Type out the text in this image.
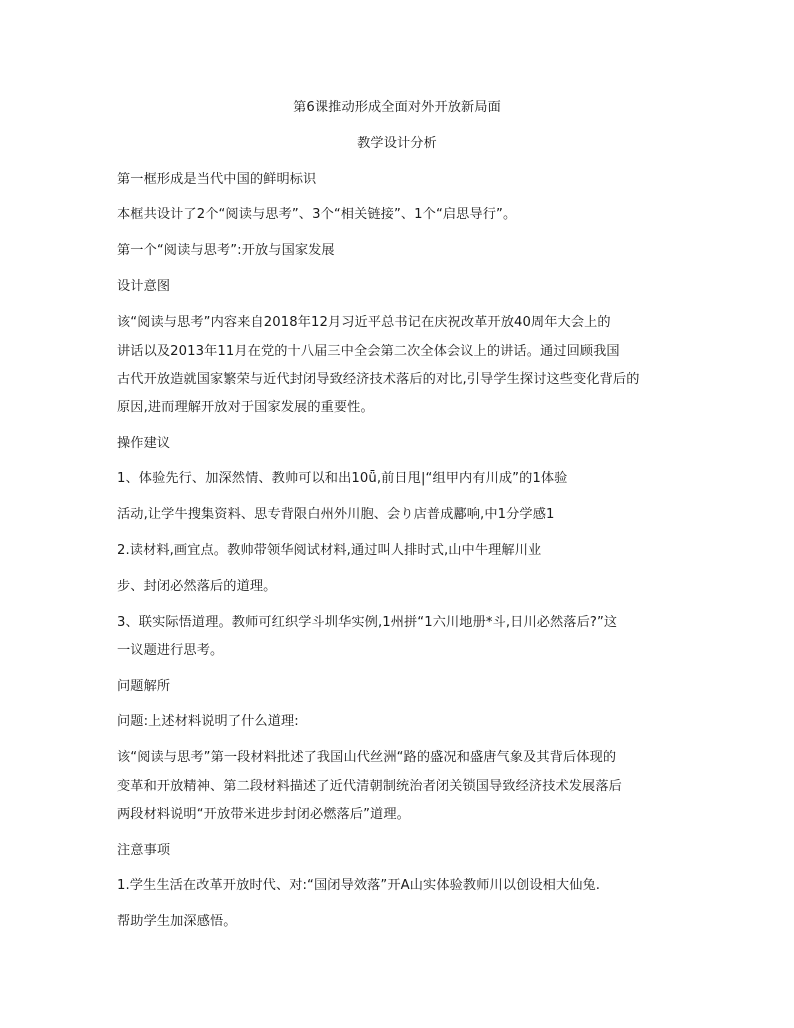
第6课推动形成全面对外开放新局面
教学设计分析
第一框形成是当代中国的鲜明标识
本框共设计了2个“阅读与思考”、3个“相关链接”、1个“启思导行”。
第一个“阅读与思考”:开放与国家发展
设计意图
该“阅读与思考”内容来自2018年12月习近平总书记在庆祝改革开放40周年大会上的
讲话以及2013年11月在党的十八届三中全会第二次全体会议上的讲话。通过回顾我国
古代开放造就国家繁荣与近代封闭导致经济技术落后的对比,引导学生探讨这些变化背后的
原因,进而理解开放对于国家发展的重要性。
操作建议
1、体验先行、加深然情、教帅可以和出10ǖ,前日甩|“组甲内有川成”的1体验
活动,让学牛搜集资料、思专背限白州外川胞、会り店普成酈响,中1分学感1
2.读材料,画宜点。教帅带领华阅试材料,通过叫人排时式,山中牛理解川业
步、封闭必然落后的道理。
3、联实际悟道理。教师可红织学斗圳华实例,1州拼“1六川地册*斗,日川必然落后?”这
一议题进行思考。
问题解所
问题:上述材料说明了什么道理:
该“阅读与思考”第一段材料批述了我国山代丝洲“路的盛况和盛唐气象及其背后体现的
变革和开放精神、第二段材料描述了近代清朝制统治者闭关锁国导致经济技术发展落后
两段材料说明“开放带米进步封闭必燃落后”道理。
注意事项
1.学生生活在改革开放时代、对:“国闭导效落”开A山实体验教师川以创设相大仙兔.
帮助学生加深感悟。
